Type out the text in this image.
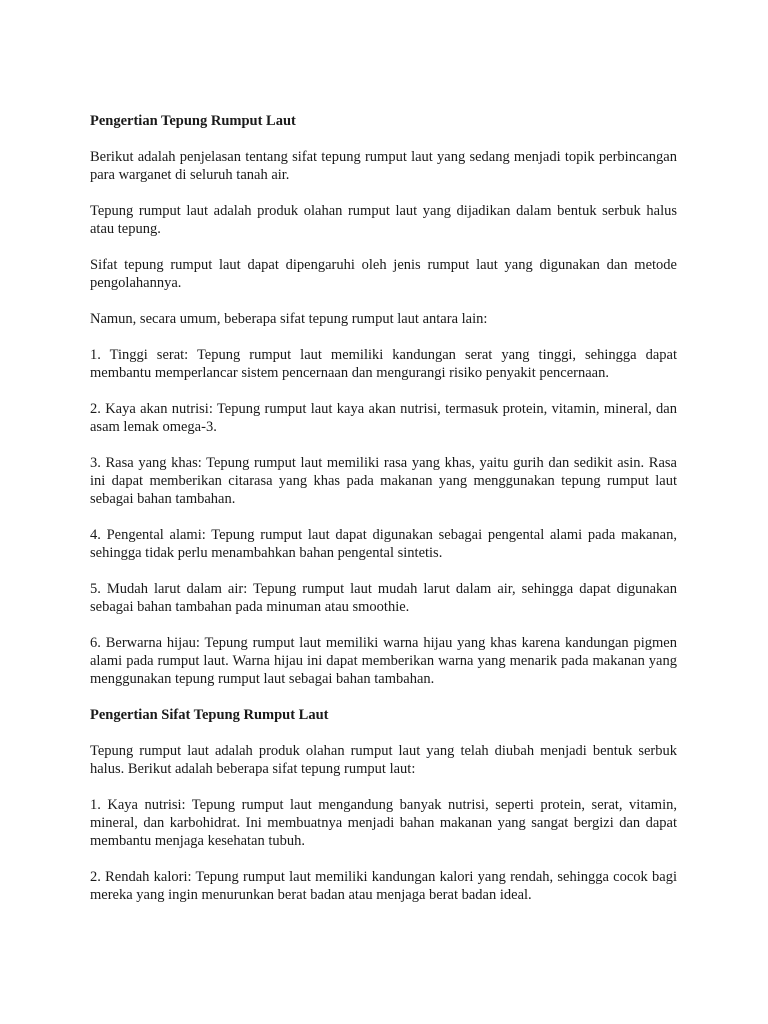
Pengertian Tepung Rumput Laut

Berikut adalah penjelasan tentang sifat tepung rumput laut yang sedang menjadi topik perbincangan para warganet di seluruh tanah air.

Tepung rumput laut adalah produk olahan rumput laut yang dijadikan dalam bentuk serbuk halus atau tepung.

Sifat tepung rumput laut dapat dipengaruhi oleh jenis rumput laut yang digunakan dan metode pengolahannya.

Namun, secara umum, beberapa sifat tepung rumput laut antara lain:

1. Tinggi serat: Tepung rumput laut memiliki kandungan serat yang tinggi, sehingga dapat membantu memperlancar sistem pencernaan dan mengurangi risiko penyakit pencernaan.

2. Kaya akan nutrisi: Tepung rumput laut kaya akan nutrisi, termasuk protein, vitamin, mineral, dan asam lemak omega-3.

3. Rasa yang khas: Tepung rumput laut memiliki rasa yang khas, yaitu gurih dan sedikit asin. Rasa ini dapat memberikan citarasa yang khas pada makanan yang menggunakan tepung rumput laut sebagai bahan tambahan.

4. Pengental alami: Tepung rumput laut dapat digunakan sebagai pengental alami pada makanan, sehingga tidak perlu menambahkan bahan pengental sintetis.

5. Mudah larut dalam air: Tepung rumput laut mudah larut dalam air, sehingga dapat digunakan sebagai bahan tambahan pada minuman atau smoothie.

6. Berwarna hijau: Tepung rumput laut memiliki warna hijau yang khas karena kandungan pigmen alami pada rumput laut. Warna hijau ini dapat memberikan warna yang menarik pada makanan yang menggunakan tepung rumput laut sebagai bahan tambahan.

Pengertian Sifat Tepung Rumput Laut

Tepung rumput laut adalah produk olahan rumput laut yang telah diubah menjadi bentuk serbuk halus. Berikut adalah beberapa sifat tepung rumput laut:

1. Kaya nutrisi: Tepung rumput laut mengandung banyak nutrisi, seperti protein, serat, vitamin, mineral, dan karbohidrat. Ini membuatnya menjadi bahan makanan yang sangat bergizi dan dapat membantu menjaga kesehatan tubuh.

2. Rendah kalori: Tepung rumput laut memiliki kandungan kalori yang rendah, sehingga cocok bagi mereka yang ingin menurunkan berat badan atau menjaga berat badan ideal.
